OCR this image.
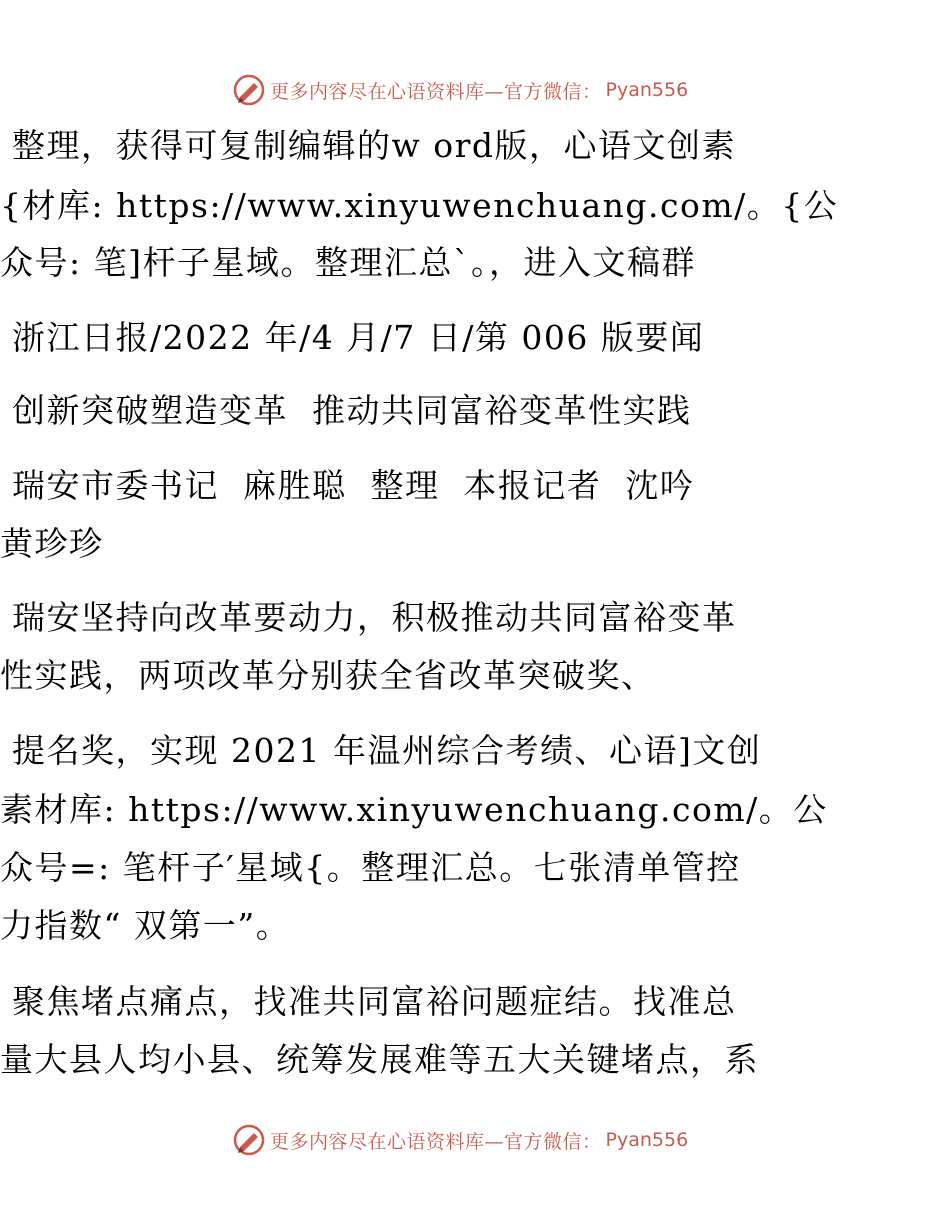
更多内容尽在心语资料库—官方微信： Pyan556
整理，获得可复制编辑的w ord版，心语文创素
{材库: https://www.xinyuwenchuang.com/。{公
众号: 笔]杆子星域。整理汇总`。，进入文稿群
浙江日报/2022 年/4 月/7 日/第 006 版要闻
创新突破塑造变革  推动共同富裕变革性实践
瑞安市委书记  麻胜聪  整理  本报记者  沈吟
黄珍珍
瑞安坚持向改革要动力，积极推动共同富裕变革
性实践，两项改革分别获全省改革突破奖、
提名奖，实现 2021 年温州综合考绩、心语]文创
素材库: https://www.xinyuwenchuang.com/。公
众号=: 笔杆子′星域{。整理汇总。七张清单管控
力指数“ 双第一”。
聚焦堵点痛点，找准共同富裕问题症结。找准总
量大县人均小县、统筹发展难等五大关键堵点，系
更多内容尽在心语资料库—官方微信： Pyan556
